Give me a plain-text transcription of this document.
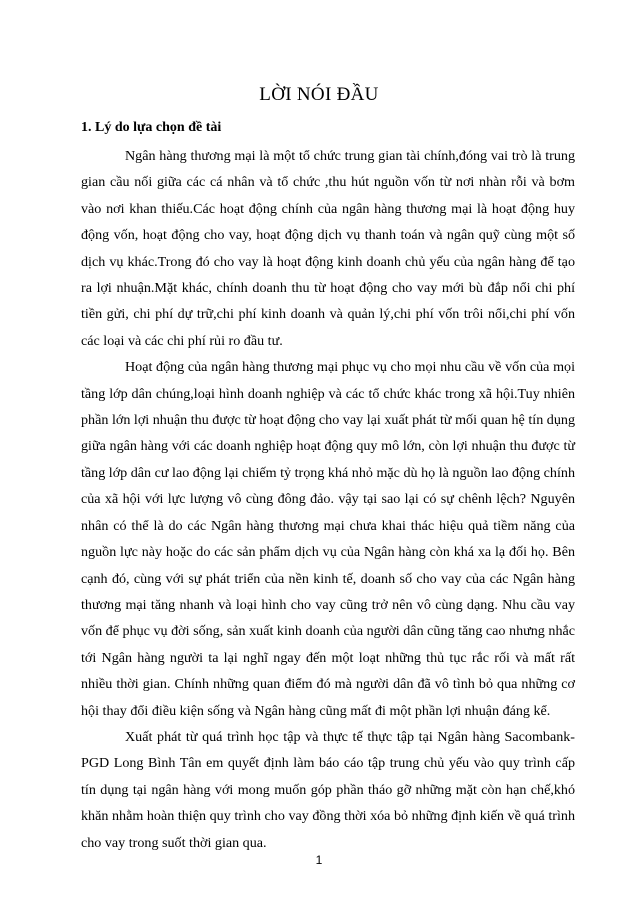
LỜI NÓI ĐẦU
1. Lý do lựa chọn đề tài

Ngân hàng thương mại là một tổ chức trung gian tài chính,đóng vai trò là trung gian cầu nối giữa các cá nhân và tổ chức ,thu hút nguồn vốn từ nơi nhàn rỗi và bơm vào nơi khan thiếu.Các hoạt động chính của ngân hàng thương mại là hoạt động huy động vốn, hoạt động cho vay, hoạt động dịch vụ thanh toán và ngân quỹ cùng một số dịch vụ khác.Trong đó cho vay là hoạt động kinh doanh chủ yếu của ngân hàng để tạo ra lợi nhuận.Mặt khác, chính doanh thu từ hoạt động cho vay mới bù đắp nổi chi phí tiền gửi, chi phí dự trữ,chi phí kinh doanh và quản lý,chi phí vốn trôi nổi,chi phí vốn các loại và các chi phí rủi ro đầu tư.

Hoạt động của ngân hàng thương mại phục vụ cho mọi nhu cầu về vốn của mọi tầng lớp dân chúng,loại hình doanh nghiệp và các tổ chức khác trong xã hội.Tuy nhiên phần lớn lợi nhuận thu được từ hoạt động cho vay lại xuất phát từ mối quan hệ tín dụng giữa ngân hàng với các doanh nghiệp hoạt động quy mô lớn, còn lợi nhuận thu được từ tầng lớp dân cư lao động lại chiếm tỷ trọng khá nhỏ mặc dù họ là nguồn lao động chính của xã hội với lực lượng vô cùng đông đảo. vậy tại sao lại có sự chênh lệch? Nguyên nhân có thể là do các Ngân hàng thương mại chưa khai thác hiệu quả tiềm năng của nguồn lực này hoặc do các sản phẩm dịch vụ của Ngân hàng còn khá xa lạ đối họ. Bên cạnh đó, cùng với sự phát triển của nền kinh tế, doanh số cho vay của các Ngân hàng thương mại tăng nhanh và loại hình cho vay cũng trở nên vô cùng dạng. Nhu cầu vay vốn để phục vụ đời sống, sản xuất kinh doanh của người dân cũng tăng cao nhưng nhắc tới Ngân hàng người ta lại nghĩ ngay đến một loạt những thủ tục rắc rối và mất rất nhiều thời gian. Chính những quan điểm đó mà người dân đã vô tình bỏ qua những cơ hội thay đổi điều kiện sống và Ngân hàng cũng mất đi một phần lợi nhuận đáng kể.

Xuất phát từ quá trình học tập và thực tế thực tập tại Ngân hàng Sacombank-PGD Long Bình Tân em quyết định làm báo cáo tập trung chủ yếu vào quy trình cấp tín dụng tại ngân hàng với mong muốn góp phần tháo gỡ những mặt còn hạn chế,khó khăn nhằm hoàn thiện quy trình cho vay đồng thời xóa bỏ những định kiến về quá trình cho vay trong suốt thời gian qua.

1
